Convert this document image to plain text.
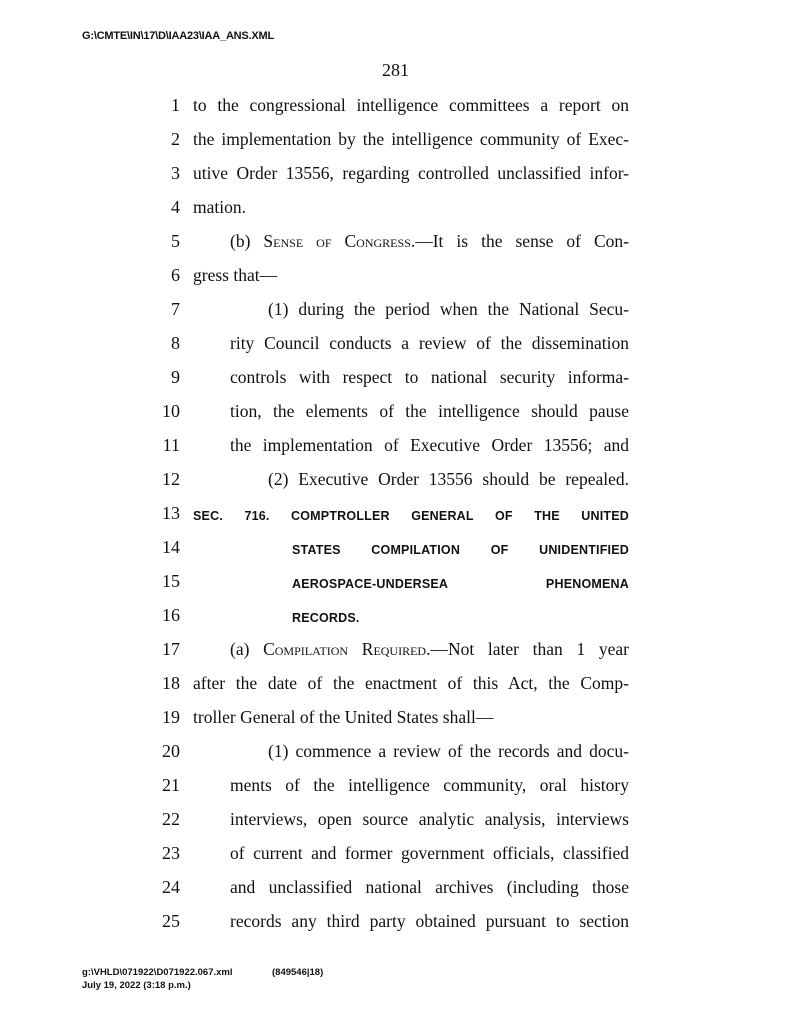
G:\CMTE\IN\17\D\IAA23\IAA_ANS.XML
281
1 to the congressional intelligence committees a report on
2 the implementation by the intelligence community of Exec-
3 utive Order 13556, regarding controlled unclassified infor-
4 mation.
5	(b) Sense of Congress.—It is the sense of Con-
6 gress that—
7	(1) during the period when the National Secu-
8	rity Council conducts a review of the dissemination
9	controls with respect to national security informa-
10	tion, the elements of the intelligence should pause
11	the implementation of Executive Order 13556; and
12	(2) Executive Order 13556 should be repealed.
13 SEC. 716. COMPTROLLER GENERAL OF THE UNITED
14	STATES COMPILATION OF UNIDENTIFIED
15	AEROSPACE-UNDERSEA PHENOMENA
16	RECORDS.
17	(a) Compilation Required.—Not later than 1 year
18 after the date of the enactment of this Act, the Comp-
19 troller General of the United States shall—
20	(1) commence a review of the records and docu-
21	ments of the intelligence community, oral history
22	interviews, open source analytic analysis, interviews
23	of current and former government officials, classified
24	and unclassified national archives (including those
25	records any third party obtained pursuant to section
g:\VHLD\071922\D071922.067.xml	(849546|18)
July 19, 2022 (3:18 p.m.)
